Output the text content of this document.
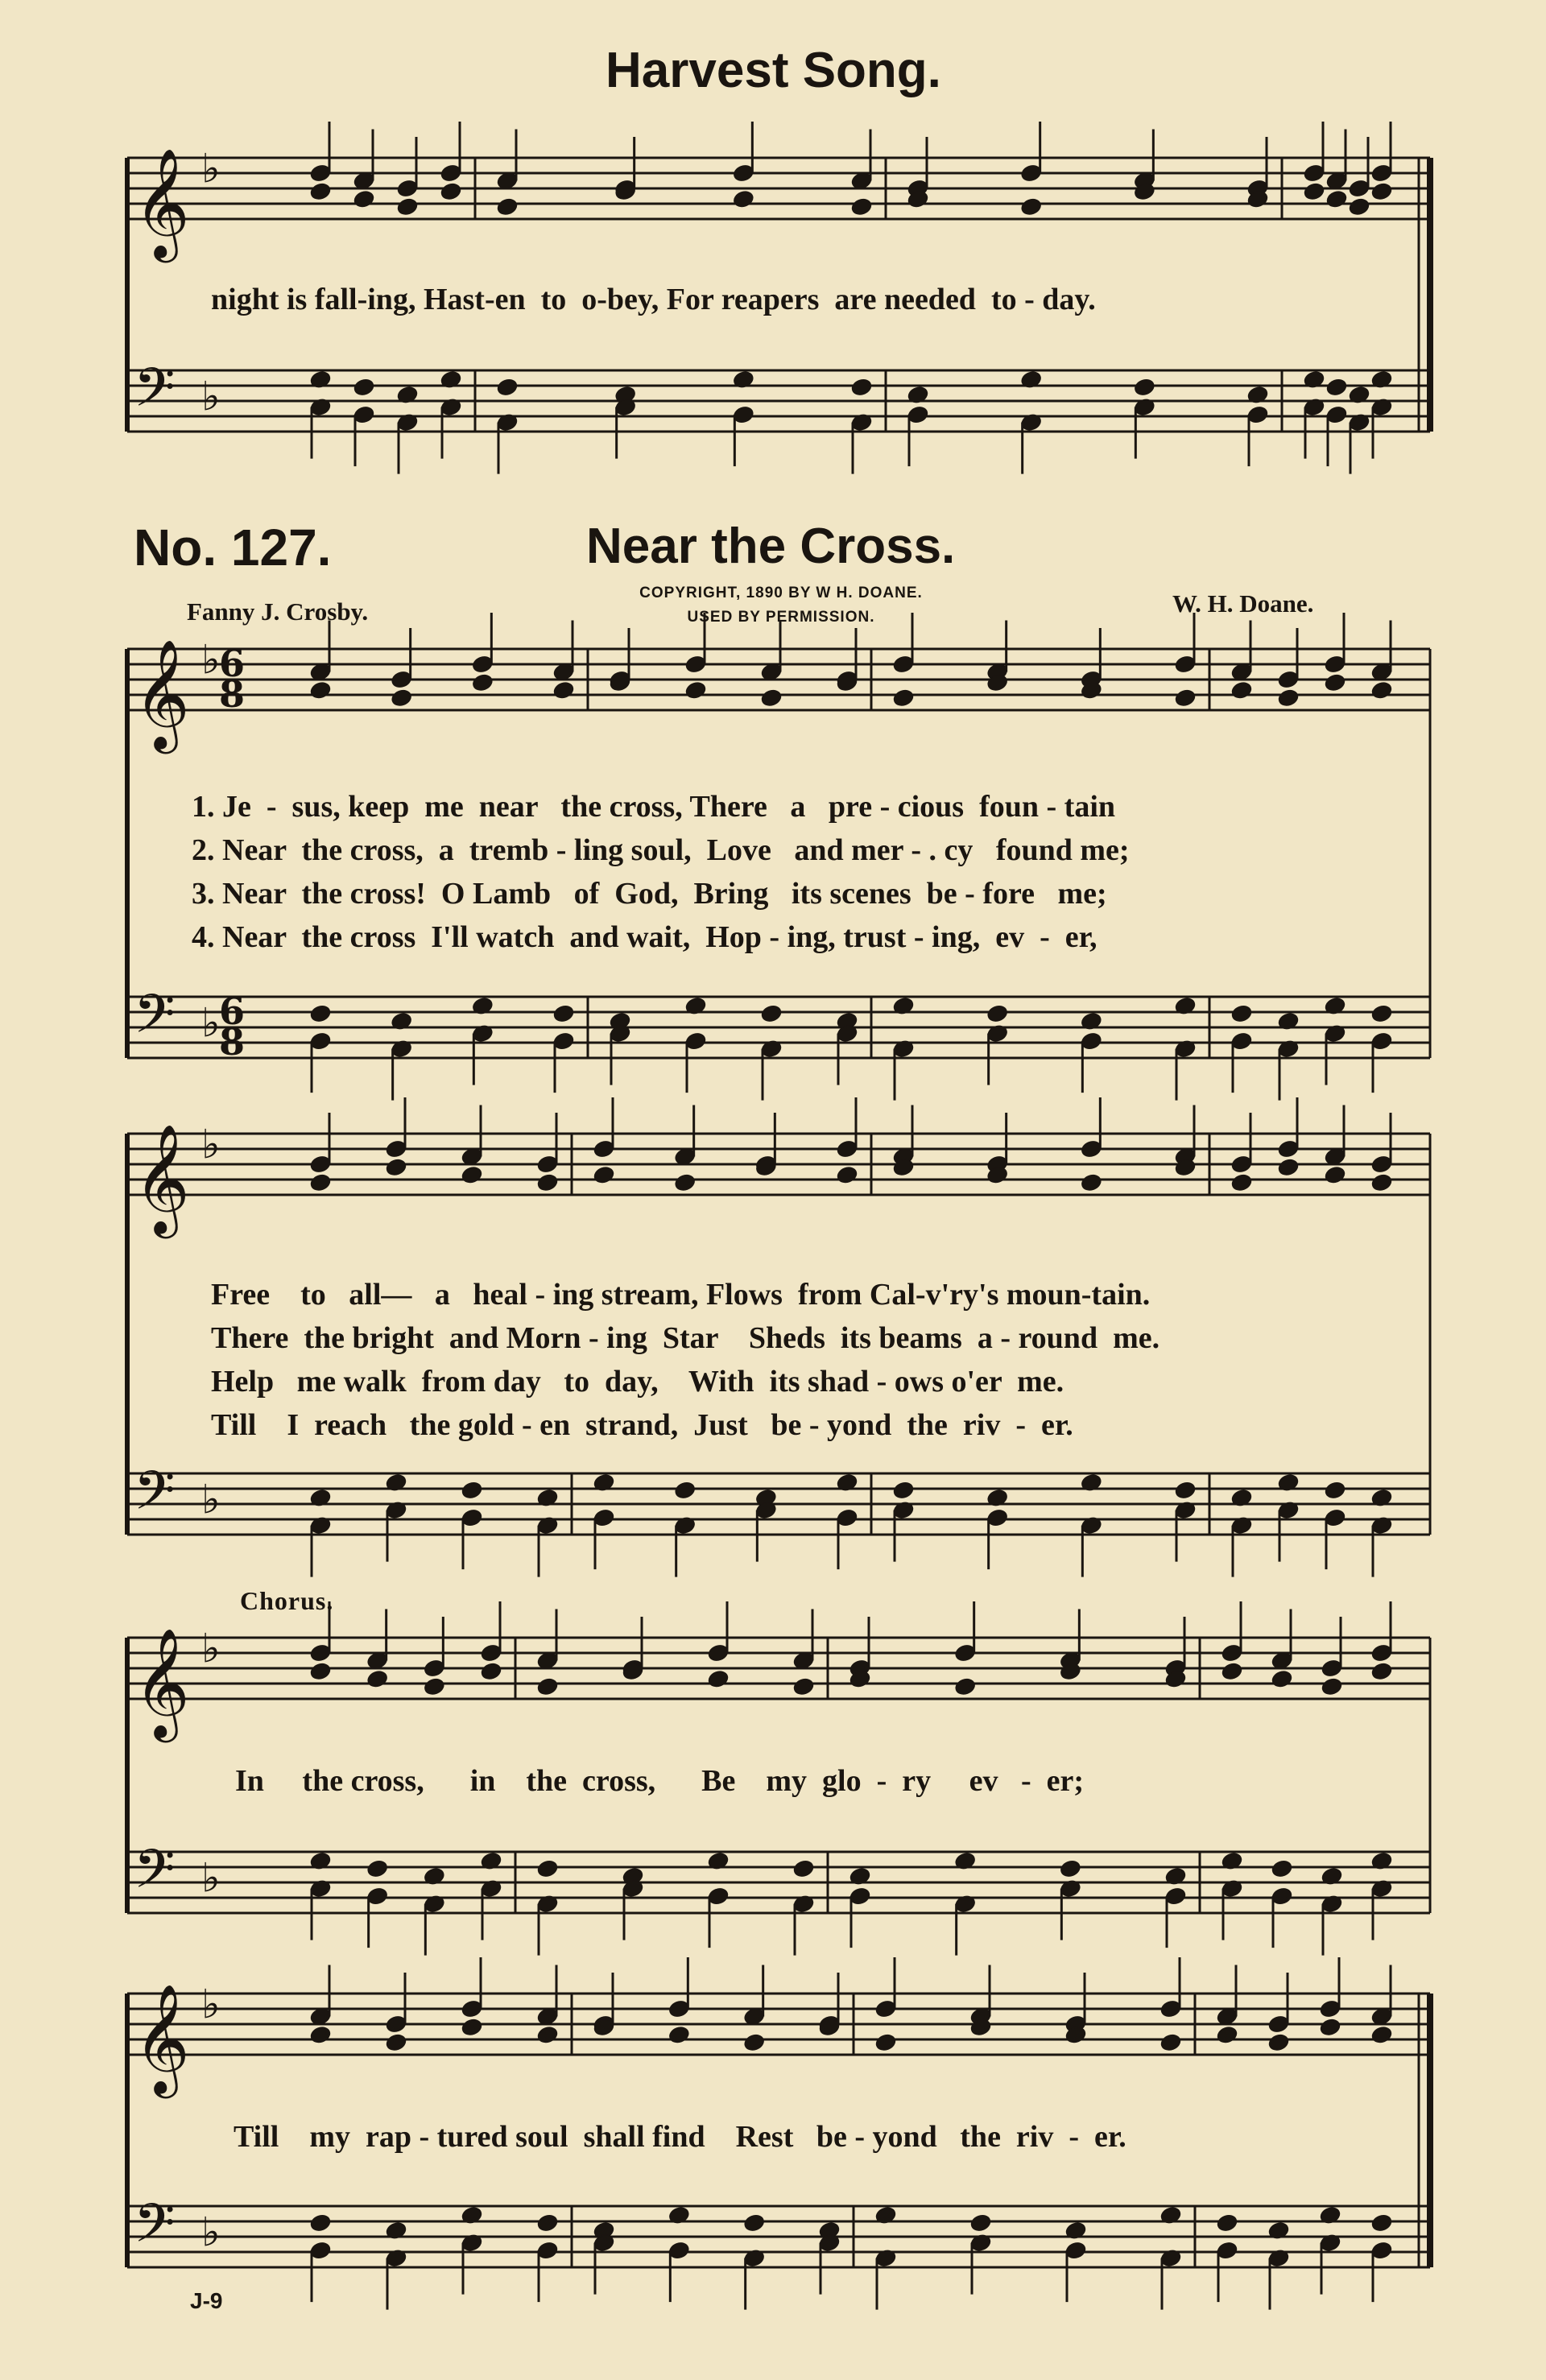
𝄞 ♭
𝄢 ♭
𝄞 ♭
𝄢 ♭
𝄞 ♭
𝄢 ♭
𝄞 ♭
𝄢 ♭
𝄞 ♭
𝄢 ♭
6
8
6
8
Harvest Song.
night is fall-ing, Hast-en  to  o-bey, For reapers  are needed  to - day.
No. 127.	Near the Cross.
Fanny J. Crosby.
COPYRIGHT, 1890 BY W H. DOANE.
USED BY PERMISSION.	W. H. Doane.
1. Je  -  sus, keep  me  near   the cross, There   a   pre - cious  foun - tain
2. Near  the cross,  a  tremb - ling soul,  Love   and mer - . cy   found me;
3. Near  the cross!  O Lamb   of  God,  Bring   its scenes  be - fore   me;
4. Near  the cross  I'll watch  and wait,  Hop - ing, trust - ing,  ev  -  er,
Free    to   all—   a   heal - ing stream, Flows  from Cal-v'ry's moun-tain.
There  the bright  and Morn - ing  Star    Sheds  its beams  a - round  me.
Help   me walk  from day   to  day,    With  its shad - ows o'er  me.
Till    I  reach   the gold - en  strand,  Just   be - yond  the  riv  -  er.
Chorus.
In     the cross,      in    the  cross,      Be    my  glo  -  ry     ev   -  er;
Till    my  rap - tured soul  shall find    Rest   be - yond   the  riv  -  er.
J-9
